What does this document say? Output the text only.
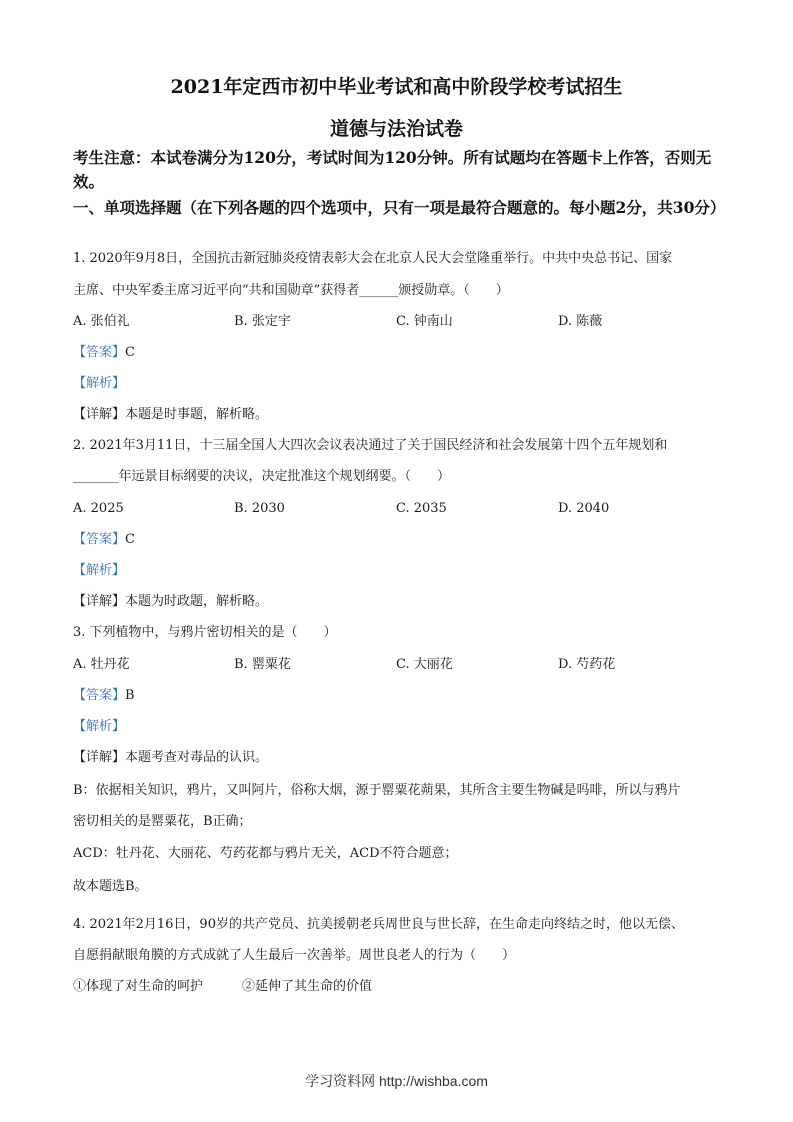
2021年定西市初中毕业考试和高中阶段学校考试招生
道德与法治试卷
考生注意：本试卷满分为120分，考试时间为120分钟。所有试题均在答题卡上作答，否则无效。
一、单项选择题（在下列各题的四个选项中，只有一项是最符合题意的。每小题2分，共30分）
1. 2020年9月8日，全国抗击新冠肺炎疫情表彰大会在北京人民大会堂隆重举行。中共中央总书记、国家
主席、中央军委主席习近平向“共和国勋章”获得者______颁授勋章。（　　）
A. 张伯礼	B. 张定宇	C. 钟南山	D. 陈薇
【答案】C
【解析】
【详解】本题是时事题，解析略。
2. 2021年3月11日，十三届全国人大四次会议表决通过了关于国民经济和社会发展第十四个五年规划和
_______年远景目标纲要的决议，决定批准这个规划纲要。（　　）
A. 2025	B. 2030	C. 2035	D. 2040
【答案】C
【解析】
【详解】本题为时政题，解析略。
3. 下列植物中，与鸦片密切相关的是（　　）
A. 牡丹花	B. 罂粟花	C. 大丽花	D. 芍药花
【答案】B
【解析】
【详解】本题考查对毒品的认识。
B：依据相关知识，鸦片，又叫阿片，俗称大烟，源于罂粟花蒴果，其所含主要生物碱是吗啡，所以与鸦片
密切相关的是罂粟花，B正确；
ACD：牡丹花、大丽花、芍药花都与鸦片无关，ACD不符合题意；
故本题选B。
4. 2021年2月16日，90岁的共产党员、抗美援朝老兵周世良与世长辞，在生命走向终结之时，他以无偿、
自愿捐献眼角膜的方式成就了人生最后一次善举。周世良老人的行为（　　）
①体现了对生命的呵护　　　②延伸了其生命的价值
学习资料网 http://wishba.com
